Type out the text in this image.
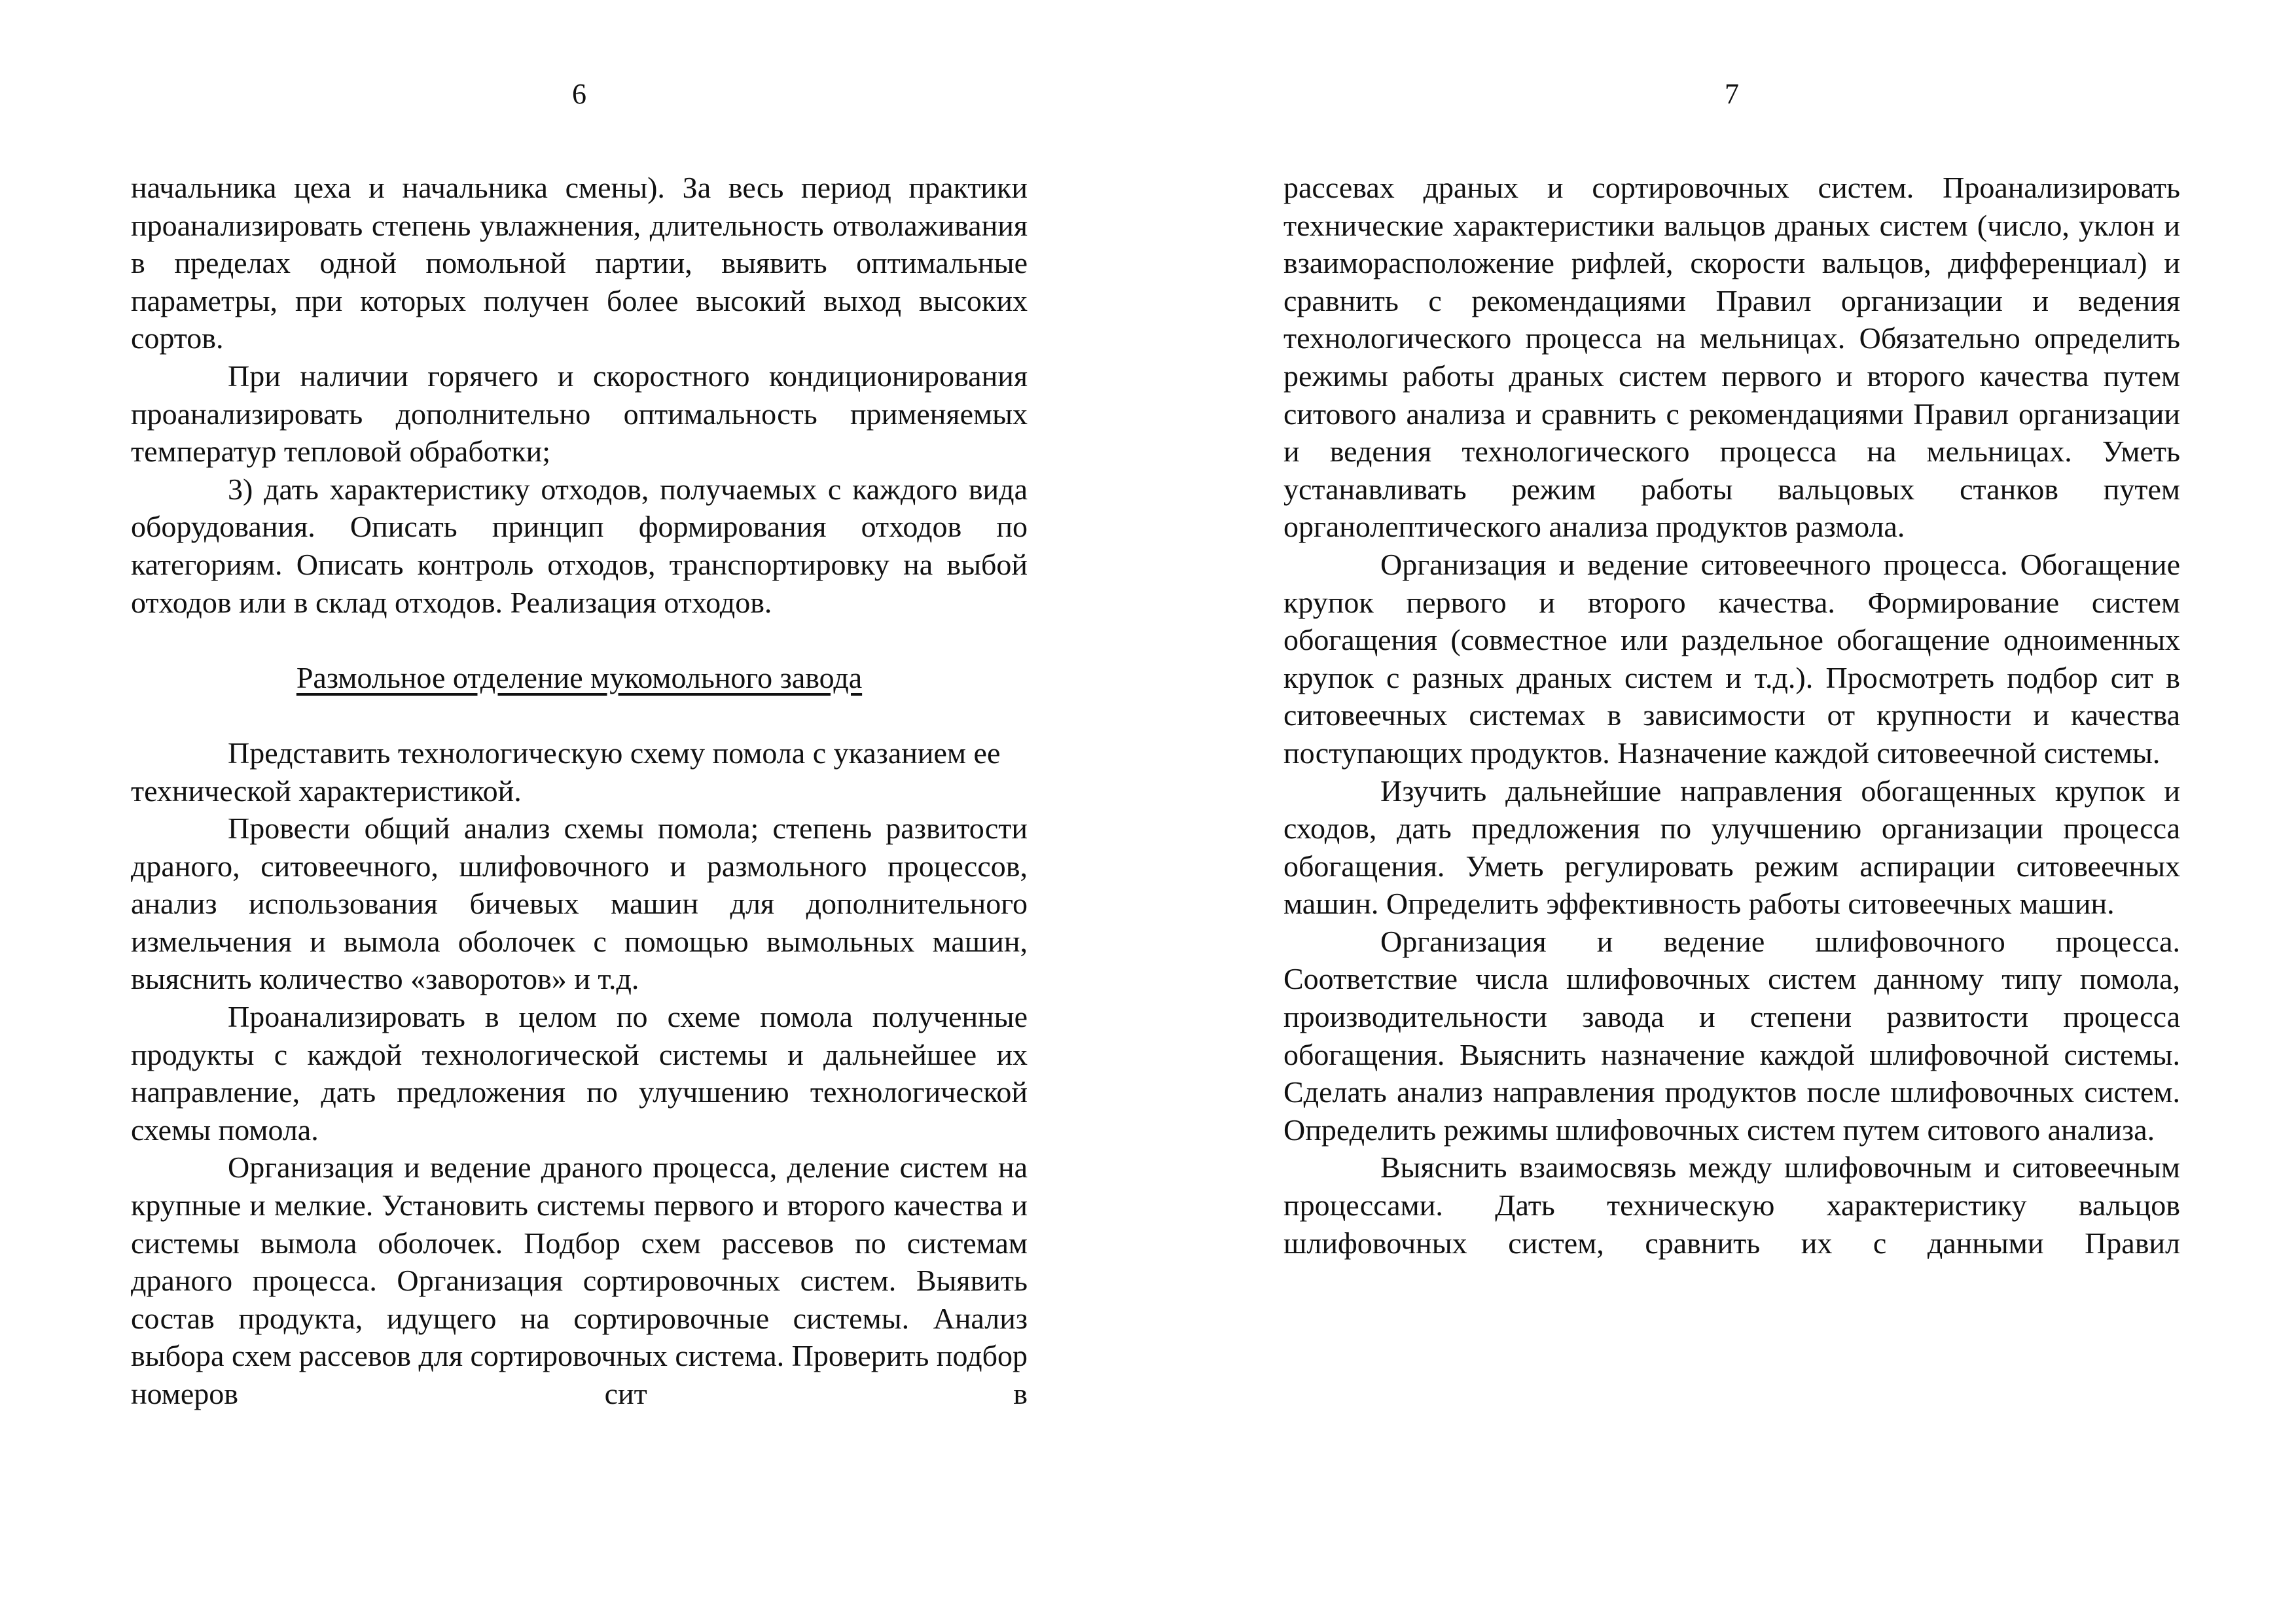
6

начальника цеха и начальника смены). За весь период практики проанализировать степень увлажнения, длительность отволаживания в пределах одной помольной партии, выявить оптимальные параметры, при которых получен более высокий выход высоких сортов.

При наличии горячего и скоростного кондиционирования проанализировать дополнительно оптимальность применяемых температур тепловой обработки;

3) дать характеристику отходов, получаемых с каждого вида оборудования. Описать принцип формирования отходов по категориям. Описать контроль отходов, транспортировку на выбой отходов или в склад отходов. Реализация отходов.

Размольное отделение мукомольного завода

Представить технологическую схему помола с указанием ее технической характеристикой.

Провести общий анализ схемы помола; степень развитости драного, ситовеечного, шлифовочного и размольного процессов, анализ использования бичевых машин для дополнительного измельчения и вымола оболочек с помощью вымольных машин, выяснить количество «заворотов» и т.д.

Проанализировать в целом по схеме помола полученные продукты с каждой технологической системы и дальнейшее их направление, дать предложения по улучшению технологической схемы помола.

Организация и ведение драного процесса, деление систем на крупные и мелкие. Установить системы первого и второго качества и системы вымола оболочек. Подбор схем рассевов по системам драного процесса. Организация сортировочных систем. Выявить состав продукта, идущего на сортировочные системы. Анализ выбора схем рассевов для сортировочных система. Проверить подбор номеров сит в

7

рассевах драных и сортировочных систем. Проанализировать технические характеристики вальцов драных систем (число, уклон и взаиморасположение рифлей, скорости вальцов, дифференциал) и сравнить с рекомендациями Правил организации и ведения технологического процесса на мельницах. Обязательно определить режимы работы драных систем первого и второго качества путем ситового анализа и сравнить с рекомендациями Правил организации и ведения технологического процесса на мельницах. Уметь устанавливать режим работы вальцовых станков путем органолептического анализа продуктов размола.

Организация и ведение ситовеечного процесса. Обогащение крупок первого и второго качества. Формирование систем обогащения (совместное или раздельное обогащение одноименных крупок с разных драных систем и т.д.). Просмотреть подбор сит в ситовеечных системах в зависимости от крупности и качества поступающих продуктов. Назначение каждой ситовеечной системы.

Изучить дальнейшие направления обогащенных крупок и сходов, дать предложения по улучшению организации процесса обогащения. Уметь регулировать режим аспирации ситовеечных машин. Определить эффективность работы ситовеечных машин.

Организация и ведение шлифовочного процесса. Соответствие числа шлифовочных систем данному типу помола, производительности завода и степени развитости процесса обогащения. Выяснить назначение каждой шлифовочной системы. Сделать анализ направления продуктов после шлифовочных систем. Определить режимы шлифовочных систем путем ситового анализа.

Выяснить взаимосвязь между шлифовочным и ситовеечным процессами. Дать техническую характеристику вальцов шлифовочных систем, сравнить их с данными Правил
